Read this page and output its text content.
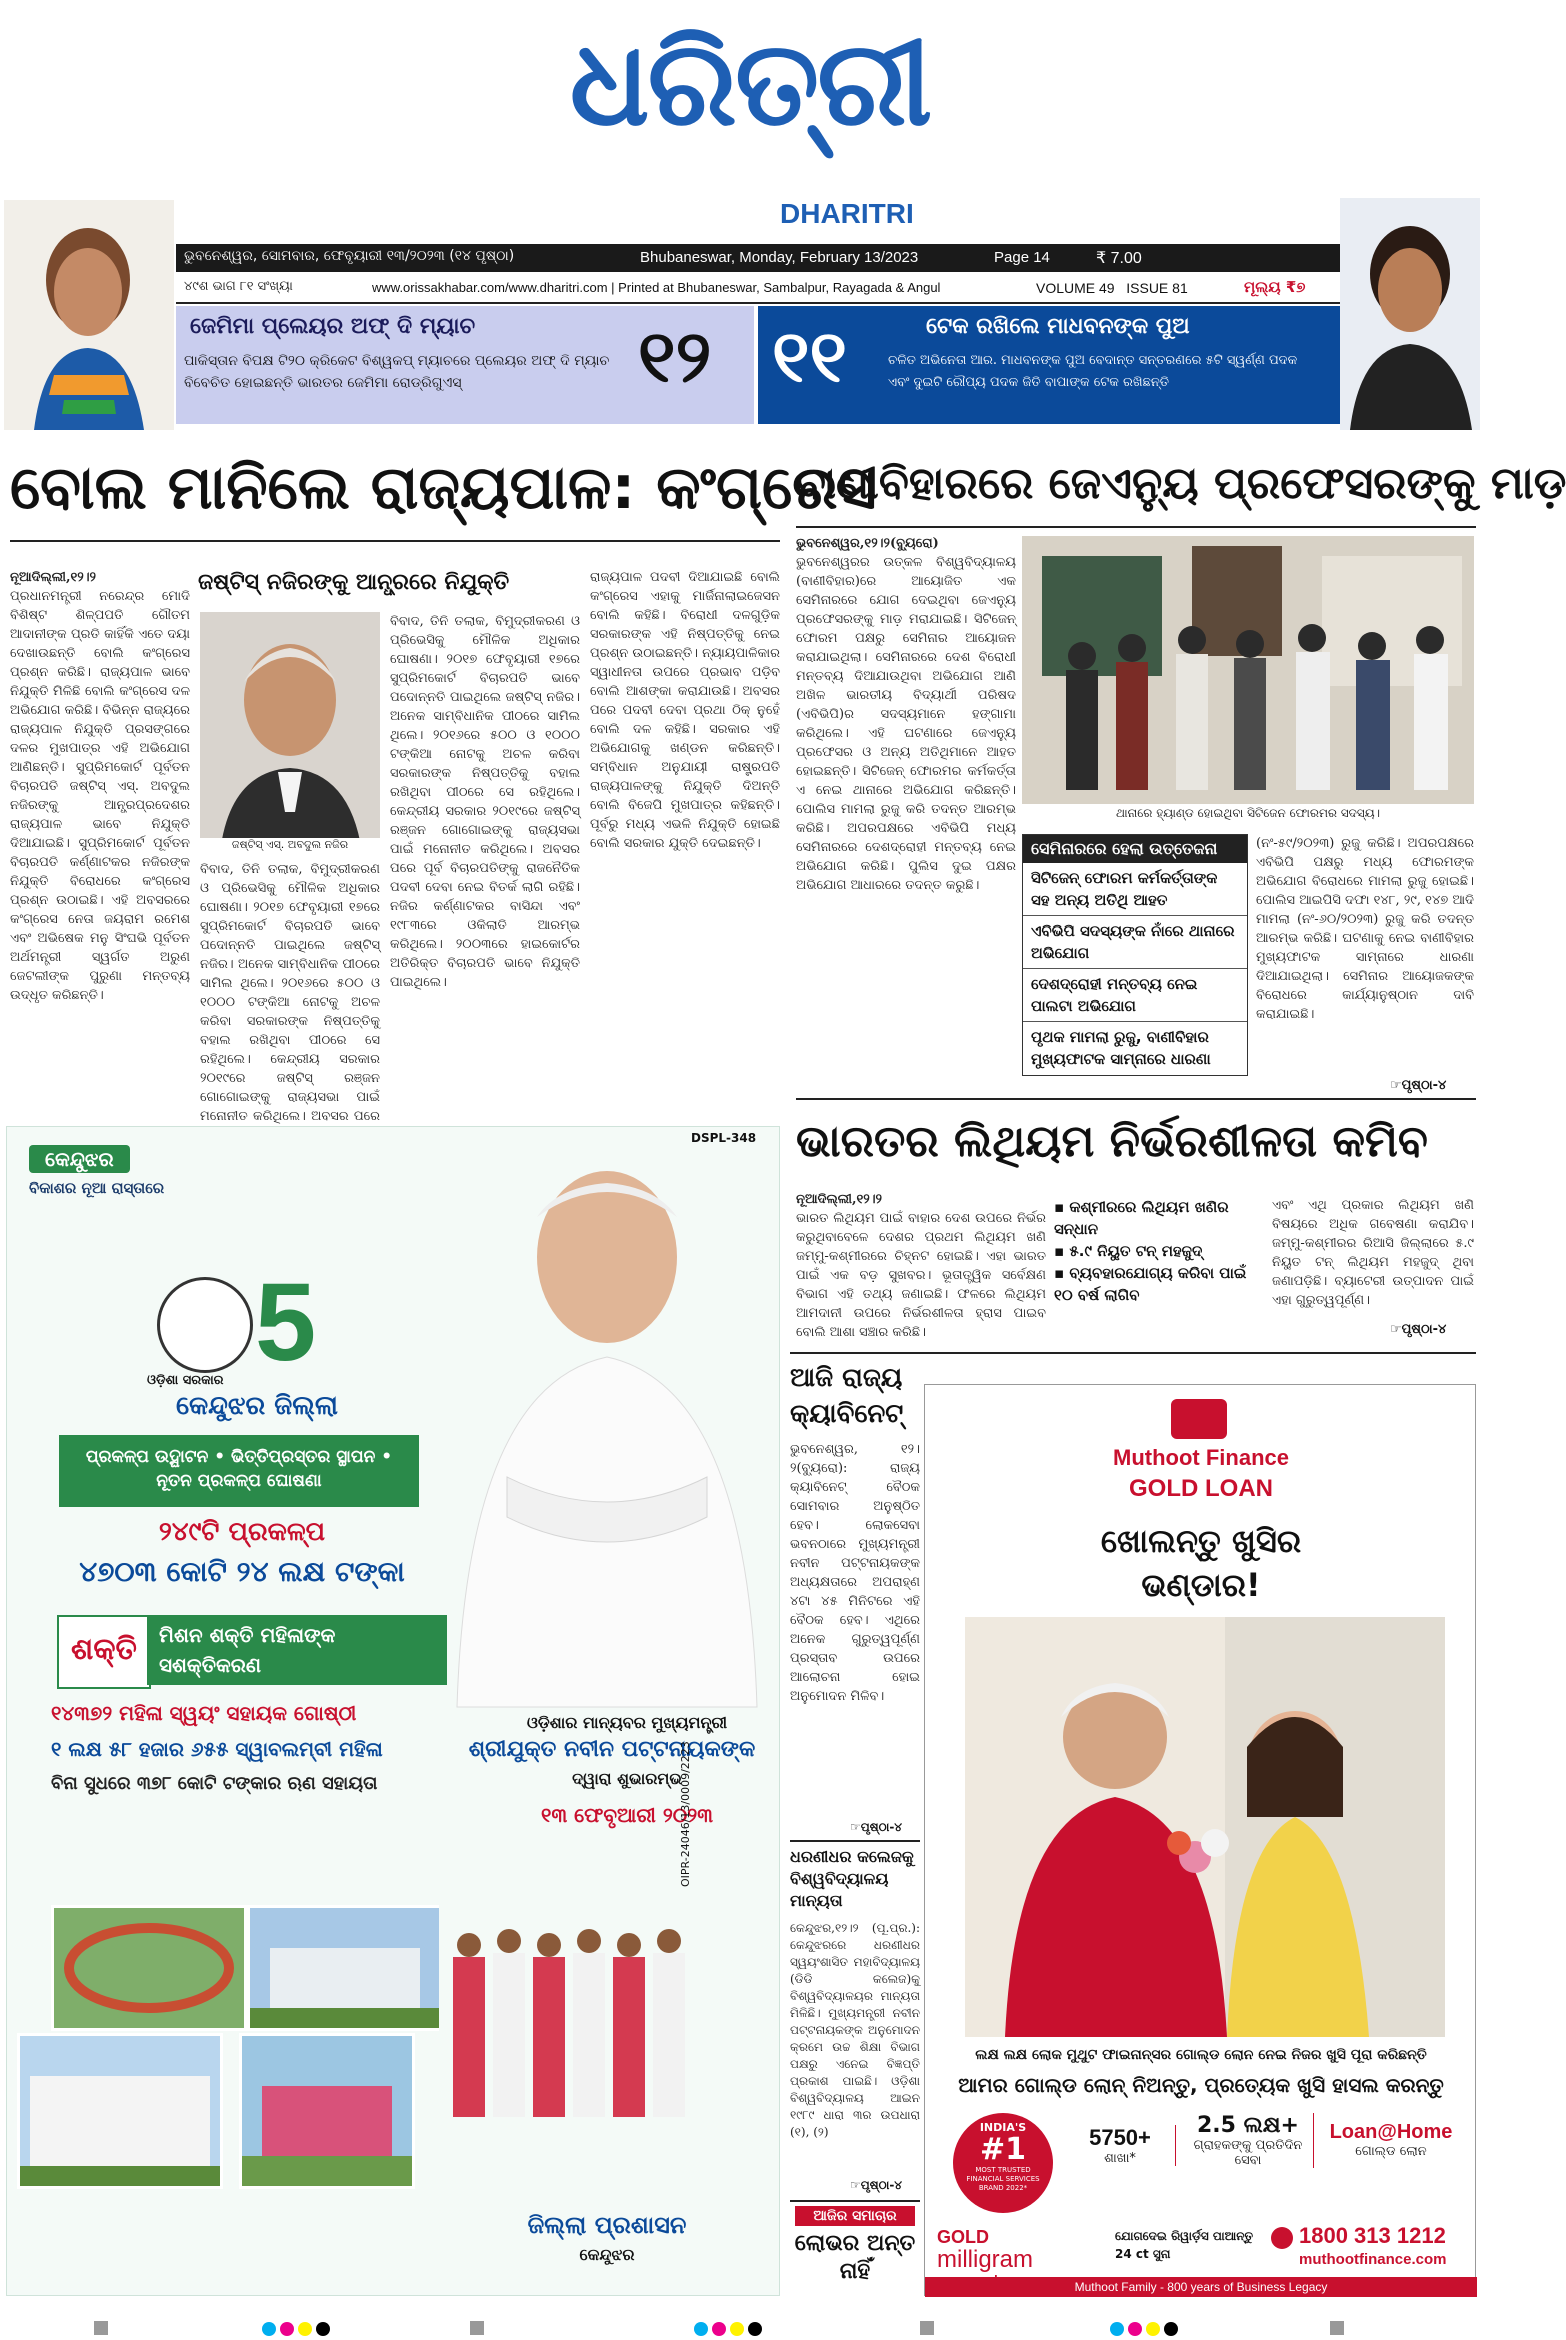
ଧରିତ୍ରୀ
DHARITRI
ଭୁବନେଶ୍ୱର, ସୋମବାର, ଫେବୃୟାରୀ ୧୩/୨୦୨୩ (୧୪ ପୃଷ୍ଠା)	Bhubaneswar, Monday, February 13/2023	Page 14	₹ 7.00
୪୯ଶ ଭାଗ ୮୧ ସଂଖ୍ୟା	www.orissakhabar.com/www.dharitri.com | Printed at Bhubaneswar, Sambalpur, Rayagada & Angul	VOLUME 49   ISSUE 81	ମୂଲ୍ୟ ₹୭
ଜେମିମା ପ୍ଲେୟର ଅଫ୍ ଦି ମ୍ୟାଚ
ପାକିସ୍ତାନ ବିପକ୍ଷ ଟି୨୦ କ୍ରିକେଟ ବିଶ୍ୱକପ୍ ମ୍ୟାଚରେ ପ୍ଲେୟର ଅଫ୍ ଦି ମ୍ୟାଚ ବିବେଚିତ ହୋଇଛନ୍ତି ଭାରତର ଜେମିମା ରୋଡ୍ରିଗୁଏସ୍	୧୨ ୧୧	ଟେକ ରଖିଲେ ମାଧବନଙ୍କ ପୁଅ
ଚଳିତ ଅଭିନେତା ଆର. ମାଧବନଙ୍କ ପୁଅ ବେଦାନ୍ତ ସନ୍ତରଣରେ ୫ଟି ସ୍ୱର୍ଣ୍ଣ ପଦକ ଏବଂ ଦୁଇଟି ରୌପ୍ୟ ପଦକ ଜିତି ବାପାଙ୍କ ଟେକ ରଖିଛନ୍ତି
ବୋଲ ମାନିଲେ ରାଜ୍ୟପାଳ: କଂଗ୍ରେସ
ନୂଆଦିଲ୍ଲୀ,୧୨।୨
ପ୍ରଧାନମନ୍ତ୍ରୀ ନରେନ୍ଦ୍ର ମୋଦି ବିଶିଷ୍ଟ ଶିଳ୍ପପତି ଗୌତମ ଆଦାନୀଙ୍କ ପ୍ରତି କାହିଁକି ଏତେ ଦୟା ଦେଖାଉଛନ୍ତି ବୋଲି କଂଗ୍ରେସ ପ୍ରଶ୍ନ କରିଛି। ରାଜ୍ୟପାଳ ଭାବେ ନିଯୁକ୍ତି ମିଳିଛି ବୋଲି କଂଗ୍ରେସ ଦଳ ଅଭିଯୋଗ କରିଛି। ବିଭିନ୍ନ ରାଜ୍ୟରେ ରାଜ୍ୟପାଳ ନିଯୁକ୍ତି ପ୍ରସଙ୍ଗରେ ଦଳର ମୁଖପାତ୍ର ଏହି ଅଭିଯୋଗ ଆଣିଛନ୍ତି। ସୁପ୍ରିମକୋର୍ଟ ପୂର୍ବତନ ବିଚାରପତି ଜଷ୍ଟିସ୍ ଏସ୍. ଅବଦୁଲ ନଜିରଙ୍କୁ ଆନ୍ଧ୍ରପ୍ରଦେଶର ରାଜ୍ୟପାଳ ଭାବେ ନିଯୁକ୍ତି ଦିଆଯାଇଛି। ସୁପ୍ରିମକୋର୍ଟ ପୂର୍ବତନ ବିଚାରପତି କର୍ଣ୍ଣାଟକର ନଜିରଙ୍କ ନିଯୁକ୍ତି ବିରୋଧରେ କଂଗ୍ରେସ ପ୍ରଶ୍ନ ଉଠାଇଛି। ଏହି ଅବସରରେ କଂଗ୍ରେସ ନେତା ଜୟରାମ ରମେଶ ଏବଂ ଅଭିଷେକ ମନୁ ସିଂଘଭି ପୂର୍ବତନ ଅର୍ଥମନ୍ତ୍ରୀ ସ୍ୱର୍ଗତ ଅରୁଣ ଜେଟଲୀଙ୍କ ପୁରୁଣା ମନ୍ତବ୍ୟ ଉଦ୍ଧୃତ କରିଛନ୍ତି।
ଜଷ୍ଟିସ୍ ନଜିରଙ୍କୁ ଆନ୍ଧ୍ରରେ ନିଯୁକ୍ତି
ଜଷ୍ଟିସ୍ ଏସ୍. ଅବଦୁଲ ନଜିର
ବିବାଦ, ତିନି ତଲାକ, ବିମୁଦ୍ରୀକରଣ ଓ ପ୍ରିଭେସିକୁ ମୌଳିକ ଅଧିକାର ଘୋଷଣା। ୨୦୧୭ ଫେବୃୟାରୀ ୧୭ରେ ସୁପ୍ରିମକୋର୍ଟ ବିଚାରପତି ଭାବେ ପଦୋନ୍ନତି ପାଇଥିଲେ ଜଷ୍ଟିସ୍ ନଜିର। ଅନେକ ସାମ୍ବିଧାନିକ ପୀଠରେ ସାମିଲ ଥିଲେ। ୨୦୧୬ରେ ୫୦୦ ଓ ୧୦୦୦ ଟଙ୍କିଆ ନୋଟକୁ ଅଚଳ କରିବା ସରକାରଙ୍କ ନିଷ୍ପତ୍ତିକୁ ବହାଲ ରଖିଥିବା ପୀଠରେ ସେ ରହିଥିଲେ। କେନ୍ଦ୍ରୀୟ ସରକାର ୨୦୧୯ରେ ଜଷ୍ଟିସ୍ ରଞ୍ଜନ ଗୋଗୋଇଙ୍କୁ ରାଜ୍ୟସଭା ପାଇଁ ମନୋନୀତ କରିଥିଲେ। ଅବସର ପରେ
ବିବାଦ, ତିନି ତଲାକ, ବିମୁଦ୍ରୀକରଣ ଓ ପ୍ରିଭେସିକୁ ମୌଳିକ ଅଧିକାର ଘୋଷଣା। ୨୦୧୭ ଫେବୃୟାରୀ ୧୭ରେ ସୁପ୍ରିମକୋର୍ଟ ବିଚାରପତି ଭାବେ ପଦୋନ୍ନତି ପାଇଥିଲେ ଜଷ୍ଟିସ୍ ନଜିର। ଅନେକ ସାମ୍ବିଧାନିକ ପୀଠରେ ସାମିଲ ଥିଲେ। ୨୦୧୬ରେ ୫୦୦ ଓ ୧୦୦୦ ଟଙ୍କିଆ ନୋଟକୁ ଅଚଳ କରିବା ସରକାରଙ୍କ ନିଷ୍ପତ୍ତିକୁ ବହାଲ ରଖିଥିବା ପୀଠରେ ସେ ରହିଥିଲେ। କେନ୍ଦ୍ରୀୟ ସରକାର ୨୦୧୯ରେ ଜଷ୍ଟିସ୍ ରଞ୍ଜନ ଗୋଗୋଇଙ୍କୁ ରାଜ୍ୟସଭା ପାଇଁ ମନୋନୀତ କରିଥିଲେ। ଅବସର ପରେ ପୂର୍ବ ବିଚାରପତିଙ୍କୁ ରାଜନୈତିକ ପଦବୀ ଦେବା ନେଇ ବିତର୍କ ଲାଗି ରହିଛି। ନଜିର କର୍ଣ୍ଣାଟକର ବାସିନ୍ଦା ଏବଂ ୧୯୮୩ରେ ଓକିଲାତି ଆରମ୍ଭ କରିଥିଲେ। ୨୦୦୩ରେ ହାଇକୋର୍ଟର ଅତିରିକ୍ତ ବିଚାରପତି ଭାବେ ନିଯୁକ୍ତି ପାଇଥିଲେ।
ରାଜ୍ୟପାଳ ପଦବୀ ଦିଆଯାଇଛି ବୋଲି କଂଗ୍ରେସ ଏହାକୁ ମାର୍ଜିନାଲାଇଜେସନ ବୋଲି କହିଛି। ବିରୋଧୀ ଦଳଗୁଡ଼ିକ ସରକାରଙ୍କ ଏହି ନିଷ୍ପତ୍ତିକୁ ନେଇ ପ୍ରଶ୍ନ ଉଠାଇଛନ୍ତି। ନ୍ୟାୟପାଳିକାର ସ୍ୱାଧୀନତା ଉପରେ ପ୍ରଭାବ ପଡ଼ିବ ବୋଲି ଆଶଙ୍କା କରାଯାଉଛି। ଅବସର ପରେ ପଦବୀ ଦେବା ପ୍ରଥା ଠିକ୍ ନୁହେଁ ବୋଲି ଦଳ କହିଛି। ସରକାର ଏହି ଅଭିଯୋଗକୁ ଖଣ୍ଡନ କରିଛନ୍ତି। ସମ୍ବିଧାନ ଅନୁଯାୟୀ ରାଷ୍ଟ୍ରପତି ରାଜ୍ୟପାଳଙ୍କୁ ନିଯୁକ୍ତି ଦିଅନ୍ତି ବୋଲି ବିଜେପି ମୁଖପାତ୍ର କହିଛନ୍ତି। ପୂର୍ବରୁ ମଧ୍ୟ ଏଭଳି ନିଯୁକ୍ତି ହୋଇଛି ବୋଲି ସରକାର ଯୁକ୍ତି ଦେଇଛନ୍ତି।
ବାଣୀବିହାରରେ ଜେଏନ୍ୟୁ ପ୍ରଫେସରଙ୍କୁ ମାଡ଼
ଭୁବନେଶ୍ୱର,୧୨।୨(ବ୍ୟୁରୋ)
ଭୁବନେଶ୍ୱରର ଉତ୍କଳ ବିଶ୍ୱବିଦ୍ୟାଳୟ (ବାଣୀବିହାର)ରେ ଆୟୋଜିତ ଏକ ସେମିନାରରେ ଯୋଗ ଦେଇଥିବା ଜେଏନ୍ୟୁ ପ୍ରଫେସରଙ୍କୁ ମାଡ଼ ମରାଯାଇଛି। ସିଟିଜେନ୍ ଫୋରମ ପକ୍ଷରୁ ସେମିନାର ଆୟୋଜନ କରାଯାଇଥିଲା। ସେମିନାରରେ ଦେଶ ବିରୋଧୀ ମନ୍ତବ୍ୟ ଦିଆଯାଉଥିବା ଅଭିଯୋଗ ଆଣି ଅଖିଳ ଭାରତୀୟ ବିଦ୍ୟାର୍ଥୀ ପରିଷଦ (ଏବିଭିପି)ର ସଦସ୍ୟମାନେ ହଙ୍ଗାମା କରିଥିଲେ। ଏହି ଘଟଣାରେ ଜେଏନ୍ୟୁ ପ୍ରଫେସର ଓ ଅନ୍ୟ ଅତିଥିମାନେ ଆହତ ହୋଇଛନ୍ତି। ସିଟିଜେନ୍ ଫୋରମର କର୍ମକର୍ତ୍ତା ଏ ନେଇ ଥାନାରେ ଅଭିଯୋଗ କରିଛନ୍ତି। ପୋଲିସ ମାମଲା ରୁଜୁ କରି ତଦନ୍ତ ଆରମ୍ଭ କରିଛି। ଅପରପକ୍ଷରେ ଏବିଭିପି ମଧ୍ୟ ସେମିନାରରେ ଦେଶଦ୍ରୋହୀ ମନ୍ତବ୍ୟ ନେଇ ଅଭିଯୋଗ କରିଛି। ପୁଲିସ ଦୁଇ ପକ୍ଷର ଅଭିଯୋଗ ଆଧାରରେ ତଦନ୍ତ କରୁଛି।
ଥାନାରେ ହ୍ୟାଣ୍ଡ ହୋଇଥିବା ସିଟିଜେନ ଫୋରମର ସଦସ୍ୟ।
ସେମିନାରରେ ହେଲା ଉତ୍ତେଜନା
ସିଟିଜେନ୍ ଫୋରମ କର୍ମକର୍ତ୍ତାଙ୍କ ସହ ଅନ୍ୟ ଅତିଥି ଆହତ
ଏବିଭିପି ସଦସ୍ୟଙ୍କ ନାଁରେ ଥାନାରେ ଅଭିଯୋଗ
ଦେଶଦ୍ରୋହୀ ମନ୍ତବ୍ୟ ନେଇ ପାଲଟା ଅଭିଯୋଗ
ପୃଥକ ମାମଲା ରୁଜୁ, ବାଣୀବିହାର ମୁଖ୍ୟଫାଟକ ସାମ୍ନାରେ ଧାରଣା
(ନଂ-୫୯/୨୦୨୩) ରୁଜୁ କରିଛି। ଅପରପକ୍ଷରେ ଏବିଭିପି ପକ୍ଷରୁ ମଧ୍ୟ ଫୋରମଙ୍କ ଅଭିଯୋଗ ବିରୋଧରେ ମାମଲା ରୁଜୁ ହୋଇଛି। ପୋଲିସ ଆଇପିସି ଦଫା ୧୪୮, ୨୯, ୧୪୭ ଆଦି ମାମଲା (ନଂ-୬୦/୨୦୨୩) ରୁଜୁ କରି ତଦନ୍ତ ଆରମ୍ଭ କରିଛି। ଘଟଣାକୁ ନେଇ ବାଣୀବିହାର ମୁଖ୍ୟଫାଟକ ସାମ୍ନାରେ ଧାରଣା ଦିଆଯାଇଥିଲା। ସେମିନାର ଆୟୋଜକଙ୍କ ବିରୋଧରେ କାର୍ଯ୍ୟାନୁଷ୍ଠାନ ଦାବି କରାଯାଇଛି।
☞ପୃଷ୍ଠା-୪
ଭାରତର ଲିଥିୟମ ନିର୍ଭରଶୀଳତା କମିବ
ନୂଆଦିଲ୍ଲୀ,୧୨।୨
ଭାରତ ଲିଥିୟମ ପାଇଁ ବାହାର ଦେଶ ଉପରେ ନିର୍ଭର କରୁଥିବାବେଳେ ଦେଶର ପ୍ରଥମ ଲିଥିୟମ ଖଣି ଜମ୍ମୁ-କଶ୍ମୀରରେ ଚିହ୍ନଟ ହୋଇଛି। ଏହା ଭାରତ ପାଇଁ ଏକ ବଡ଼ ସୁଖବର। ଭୂତାତ୍ତ୍ୱିକ ସର୍ବେକ୍ଷଣ ବିଭାଗ ଏହି ତଥ୍ୟ ଜଣାଇଛି। ଫଳରେ ଲିଥିୟମ ଆମଦାନୀ ଉପରେ ନିର୍ଭରଶୀଳତା ହ୍ରାସ ପାଇବ ବୋଲି ଆଶା ସଞ୍ଚାର କରିଛି।
▪ କଶ୍ମୀରରେ ଲିଥିୟମ ଖଣିର ସନ୍ଧାନ
▪ ୫.୯ ନିୟୁତ ଟନ୍ ମହଜୁଦ୍
▪ ବ୍ୟବହାରଯୋଗ୍ୟ କରିବା ପାଇଁ ୧୦ ବର୍ଷ ଲାଗିବ
ଏବଂ ଏଥି ପ୍ରକାର ଲିଥିୟମ ଖଣି ବିଷୟରେ ଅଧିକ ଗବେଷଣା କରାଯିବ। ଜମ୍ମୁ-କଶ୍ମୀରର ରିଆସି ଜିଲ୍ଲାରେ ୫.୯ ନିୟୁତ ଟନ୍ ଲିଥିୟମ ମହଜୁଦ୍ ଥିବା ଜଣାପଡ଼ିଛି। ବ୍ୟାଟେରୀ ଉତ୍ପାଦନ ପାଇଁ ଏହା ଗୁରୁତ୍ୱପୂର୍ଣ୍ଣ।
☞ପୃଷ୍ଠା-୪
ଆଜି ରାଜ୍ୟ କ୍ୟାବିନେଟ୍
ଭୁବନେଶ୍ୱର, ୧୨।୨(ବ୍ୟୁରୋ): ରାଜ୍ୟ କ୍ୟାବିନେଟ୍ ବୈଠକ ସୋମବାର ଅନୁଷ୍ଠିତ ହେବ। ଲୋକସେବା ଭବନଠାରେ ମୁଖ୍ୟମନ୍ତ୍ରୀ ନବୀନ ପଟ୍ଟନାୟକଙ୍କ ଅଧ୍ୟକ୍ଷତାରେ ଅପରାହ୍ଣ ୪ଟା ୪୫ ମିନିଟରେ ଏହି ବୈଠକ ହେବ। ଏଥିରେ ଅନେକ ଗୁରୁତ୍ୱପୂର୍ଣ୍ଣ ପ୍ରସ୍ତାବ ଉପରେ ଆଲୋଚନା ହୋଇ ଅନୁମୋଦନ ମିଳିବ।
☞ପୃଷ୍ଠା-୪
ଧରଣୀଧର କଲେଜକୁ ବିଶ୍ୱବିଦ୍ୟାଳୟ ମାନ୍ୟତା
କେନ୍ଦୁଝର,୧୨।୨ (ପୂ.ପ୍ର.): କେନ୍ଦୁଝରରେ ଧରଣୀଧର ସ୍ୱୟଂଶାସିତ ମହାବିଦ୍ୟାଳୟ (ଡିଡି କଲେଜ)କୁ ବିଶ୍ୱବିଦ୍ୟାଳୟର ମାନ୍ୟତା ମିଳିଛି। ମୁଖ୍ୟମନ୍ତ୍ରୀ ନବୀନ ପଟ୍ଟନାୟକଙ୍କ ଅନୁମୋଦନ କ୍ରମେ ଉଚ୍ଚ ଶିକ୍ଷା ବିଭାଗ ପକ୍ଷରୁ ଏନେଇ ବିଜ୍ଞପ୍ତି ପ୍ରକାଶ ପାଇଛି। ଓଡ଼ିଶା ବିଶ୍ୱବିଦ୍ୟାଳୟ ଆଇନ ୧୯୮୯ ଧାରା ୩ର ଉପଧାରା (୧), (୨)
☞ପୃଷ୍ଠା-୪
ଆଜିର ସମାଚାର
ଲୋଭର ଅନ୍ତ ନାହିଁ
କେନ୍ଦୁଝର
ବିକାଶର ନୂଆ ରାସ୍ତାରେ
DSPL-348
ଓଡ଼ିଶା ସରକାର 5
କେନ୍ଦୁଝର ଜିଲ୍ଲା
ପ୍ରକଳ୍ପ ଉଦ୍ଘାଟନ • ଭିତ୍ତିପ୍ରସ୍ତର ସ୍ଥାପନ • ନୂତନ ପ୍ରକଳ୍ପ ଘୋଷଣା
୨୪୯ଟି ପ୍ରକଳ୍ପ
୪୭୦୩ କୋଟି ୨୪ ଲକ୍ଷ ଟଙ୍କା
ଶକ୍ତି	ମିଶନ ଶକ୍ତି ମହିଳାଙ୍କ ସଶକ୍ତିକରଣ
୧୪୩୭୨ ମହିଳା ସ୍ୱୟଂ ସହାୟକ ଗୋଷ୍ଠୀ
୧ ଲକ୍ଷ ୫୮ ହଜାର ୬୫୫ ସ୍ୱାବଲମ୍ବୀ ମହିଳା
ବିନା ସୁଧରେ ୩୭୮ କୋଟି ଟଙ୍କାର ଋଣ ସହାୟତା
ଓଡ଼ିଶାର ମାନ୍ୟବର ମୁଖ୍ୟମନ୍ତ୍ରୀ
ଶ୍ରୀଯୁକ୍ତ ନବୀନ ପଟ୍ଟନାୟକଙ୍କ
ଦ୍ୱାରା ଶୁଭାରମ୍ଭ
୧୩ ଫେବୃଆରୀ ୨୦୨୩
OIPR-24046/13/0009/2223
ଜିଲ୍ଲା ପ୍ରଶାସନ
କେନ୍ଦୁଝର
Muthoot Finance
GOLD LOAN
ଖୋଲନ୍ତୁ ଖୁସିର ଭଣ୍ଡାର!
ଲକ୍ଷ ଲକ୍ଷ ଲୋକ ମୁଥୁଟ ଫାଇନାନ୍ସର ଗୋଲ୍ଡ ଲୋନ ନେଇ ନିଜର ଖୁସି ପୂରା କରିଛନ୍ତି
ଆମର ଗୋଲ୍ଡ ଲୋନ୍ ନିଅନ୍ତୁ, ପ୍ରତ୍ୟେକ ଖୁସି ହାସଲ କରନ୍ତୁ
INDIA'S
#1
MOST TRUSTED FINANCIAL SERVICES BRAND 2022*
5750+
ଶାଖା*
2.5 ଲକ୍ଷ+
ଗ୍ରାହକଙ୍କୁ ପ୍ରତିଦିନ ସେବା
Loan@Home
ଗୋଲ୍ଡ ଲୋନ
GOLD
milligram
ଯୋଗଦେଇ ରିୱାର୍ଡ଼ସ ପାଆନ୍ତୁ 24 ct ସୁନା
1800 313 1212
muthootfinance.com
Muthoot Family - 800 years of Business Legacy
